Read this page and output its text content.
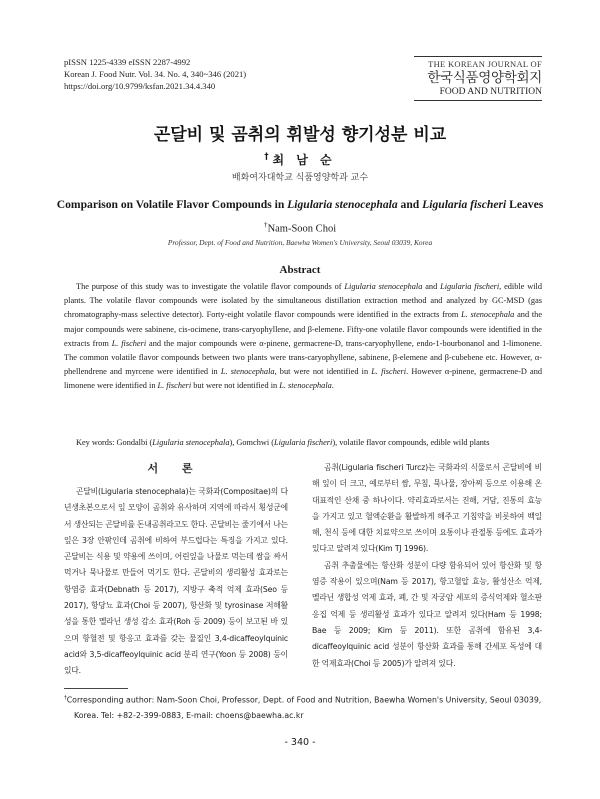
pISSN 1225-4339 eISSN 2287-4992
Korean J. Food Nutr. Vol. 34. No. 4, 340~346 (2021)
https://doi.org/10.9799/ksfan.2021.34.4.340
THE KOREAN JOURNAL OF
한국식품영양학회지
FOOD AND NUTRITION
곤달비 및 곰취의 휘발성 향기성분 비교
†최 남 순
배화여자대학교 식품영양학과 교수
Comparison on Volatile Flavor Compounds in Ligularia stenocephala and Ligularia fischeri Leaves
†Nam-Soon Choi
Professor, Dept. of Food and Nutrition, Baewha Women's University, Seoul 03039, Korea
Abstract
The purpose of this study was to investigate the volatile flavor compounds of Ligularia stenocephala and Ligularia fischeri, edible wild plants. The volatile flavor compounds were isolated by the simultaneous distillation extraction method and analyzed by GC-MSD (gas chromatography-mass selective detector). Forty-eight volatile flavor compounds were identified in the extracts from L. stenocephala and the major compounds were sabinene, cis-ocimene, trans-caryophyllene, and β-elemene. Fifty-one volatile flavor compounds were identified in the extracts from L. fischeri and the major compounds were α-pinene, germacrene-D, trans-caryophyllene, endo-1-bourbonanol and 1-limonene. The common volatile flavor compounds between two plants were trans-caryophyllene, sabinene, β-elemene and β-cubebene etc. However, α-phellendrene and myrcene were identified in L. stenocephala, but were not identified in L. fischeri. However α-pinene, germacrene-D and limonene were identified in L. fischeri but were not identified in L. stenocephala.
Key words: Gondalbi (Ligularia stenocephala), Gomchwi (Ligularia fischeri), volatile flavor compounds, edible wild plants
서 론

곤달비(Ligularia stenocephala)는 국화과(Compositae)의 다년생초본으로서 잎 모양이 곰취와 유사하며 지역에 따라서 횡성군에서 생산되는 곤달비를 돈내곰취라고도 한다. 곤달비는 줄기에서 나는 잎은 3장 안팎인데 곰취에 비하여 부드럽다는 특징을 가지고 있다. 곤달비는 식용 및 약용에 쓰이며, 어린잎을 나물로 먹는데 쌈을 싸서 먹거나 묵나물로 만들어 먹기도 한다. 곤달비의 생리활성 효과로는 항염증 효과(Debnath 등 2017), 지방구 축적 억제 효과(Seo 등 2017), 항당뇨 효과(Choi 등 2007), 항산화 및 tyrosinase 저해활성을 통한 멜라닌 생성 감소 효과(Roh 등 2009) 등이 보고된 바 있으며 항혈전 및 항응고 효과를 갖는 물질인 3,4-dicaffeoylquinic acid와 3,5-dicaffeoylquinic acid 분리 연구(Yoon 등 2008) 등이 있다.

곰취(Ligularia fischeri Turcz)는 국화과의 식물로서 곤달비에 비해 잎이 더 크고, 예로부터 쌈, 무침, 묵나물, 장아찌 등으로 이용해 온 대표적인 산채 중 하나이다. 약리효과로서는 진해, 거담, 진통의 효능을 가지고 있고 혈액순환을 활발하게 해주고 기침약을 비롯하여 백일해, 천식 등에 대한 치료약으로 쓰이며 요통이나 관절통 등에도 효과가 있다고 알려져 있다(Kim TJ 1996).

곰취 추출물에는 항산화 성분이 다량 함유되어 있어 항산화 및 항염증 작용이 있으며(Nam 등 2017), 항고혈압 효능, 활성산소 억제, 멜라닌 생합성 억제 효과, 폐, 간 및 자궁암 세포의 증식억제와 혈소판 응집 억제 등 생리활성 효과가 있다고 알려져 있다(Ham 등 1998; Bae 등 2009; Kim 등 2011). 또한 곰취에 함유된 3,4-dicaffeoylquinic acid 성분이 항산화 효과를 통해 간세포 독성에 대한 억제효과(Choi 등 2005)가 알려져 있다.

†Corresponding author: Nam-Soon Choi, Professor, Dept. of Food and Nutrition, Baewha Women's University, Seoul 03039,
Korea. Tel: +82-2-399-0883, E-mail: choens@baewha.ac.kr
- 340 -
